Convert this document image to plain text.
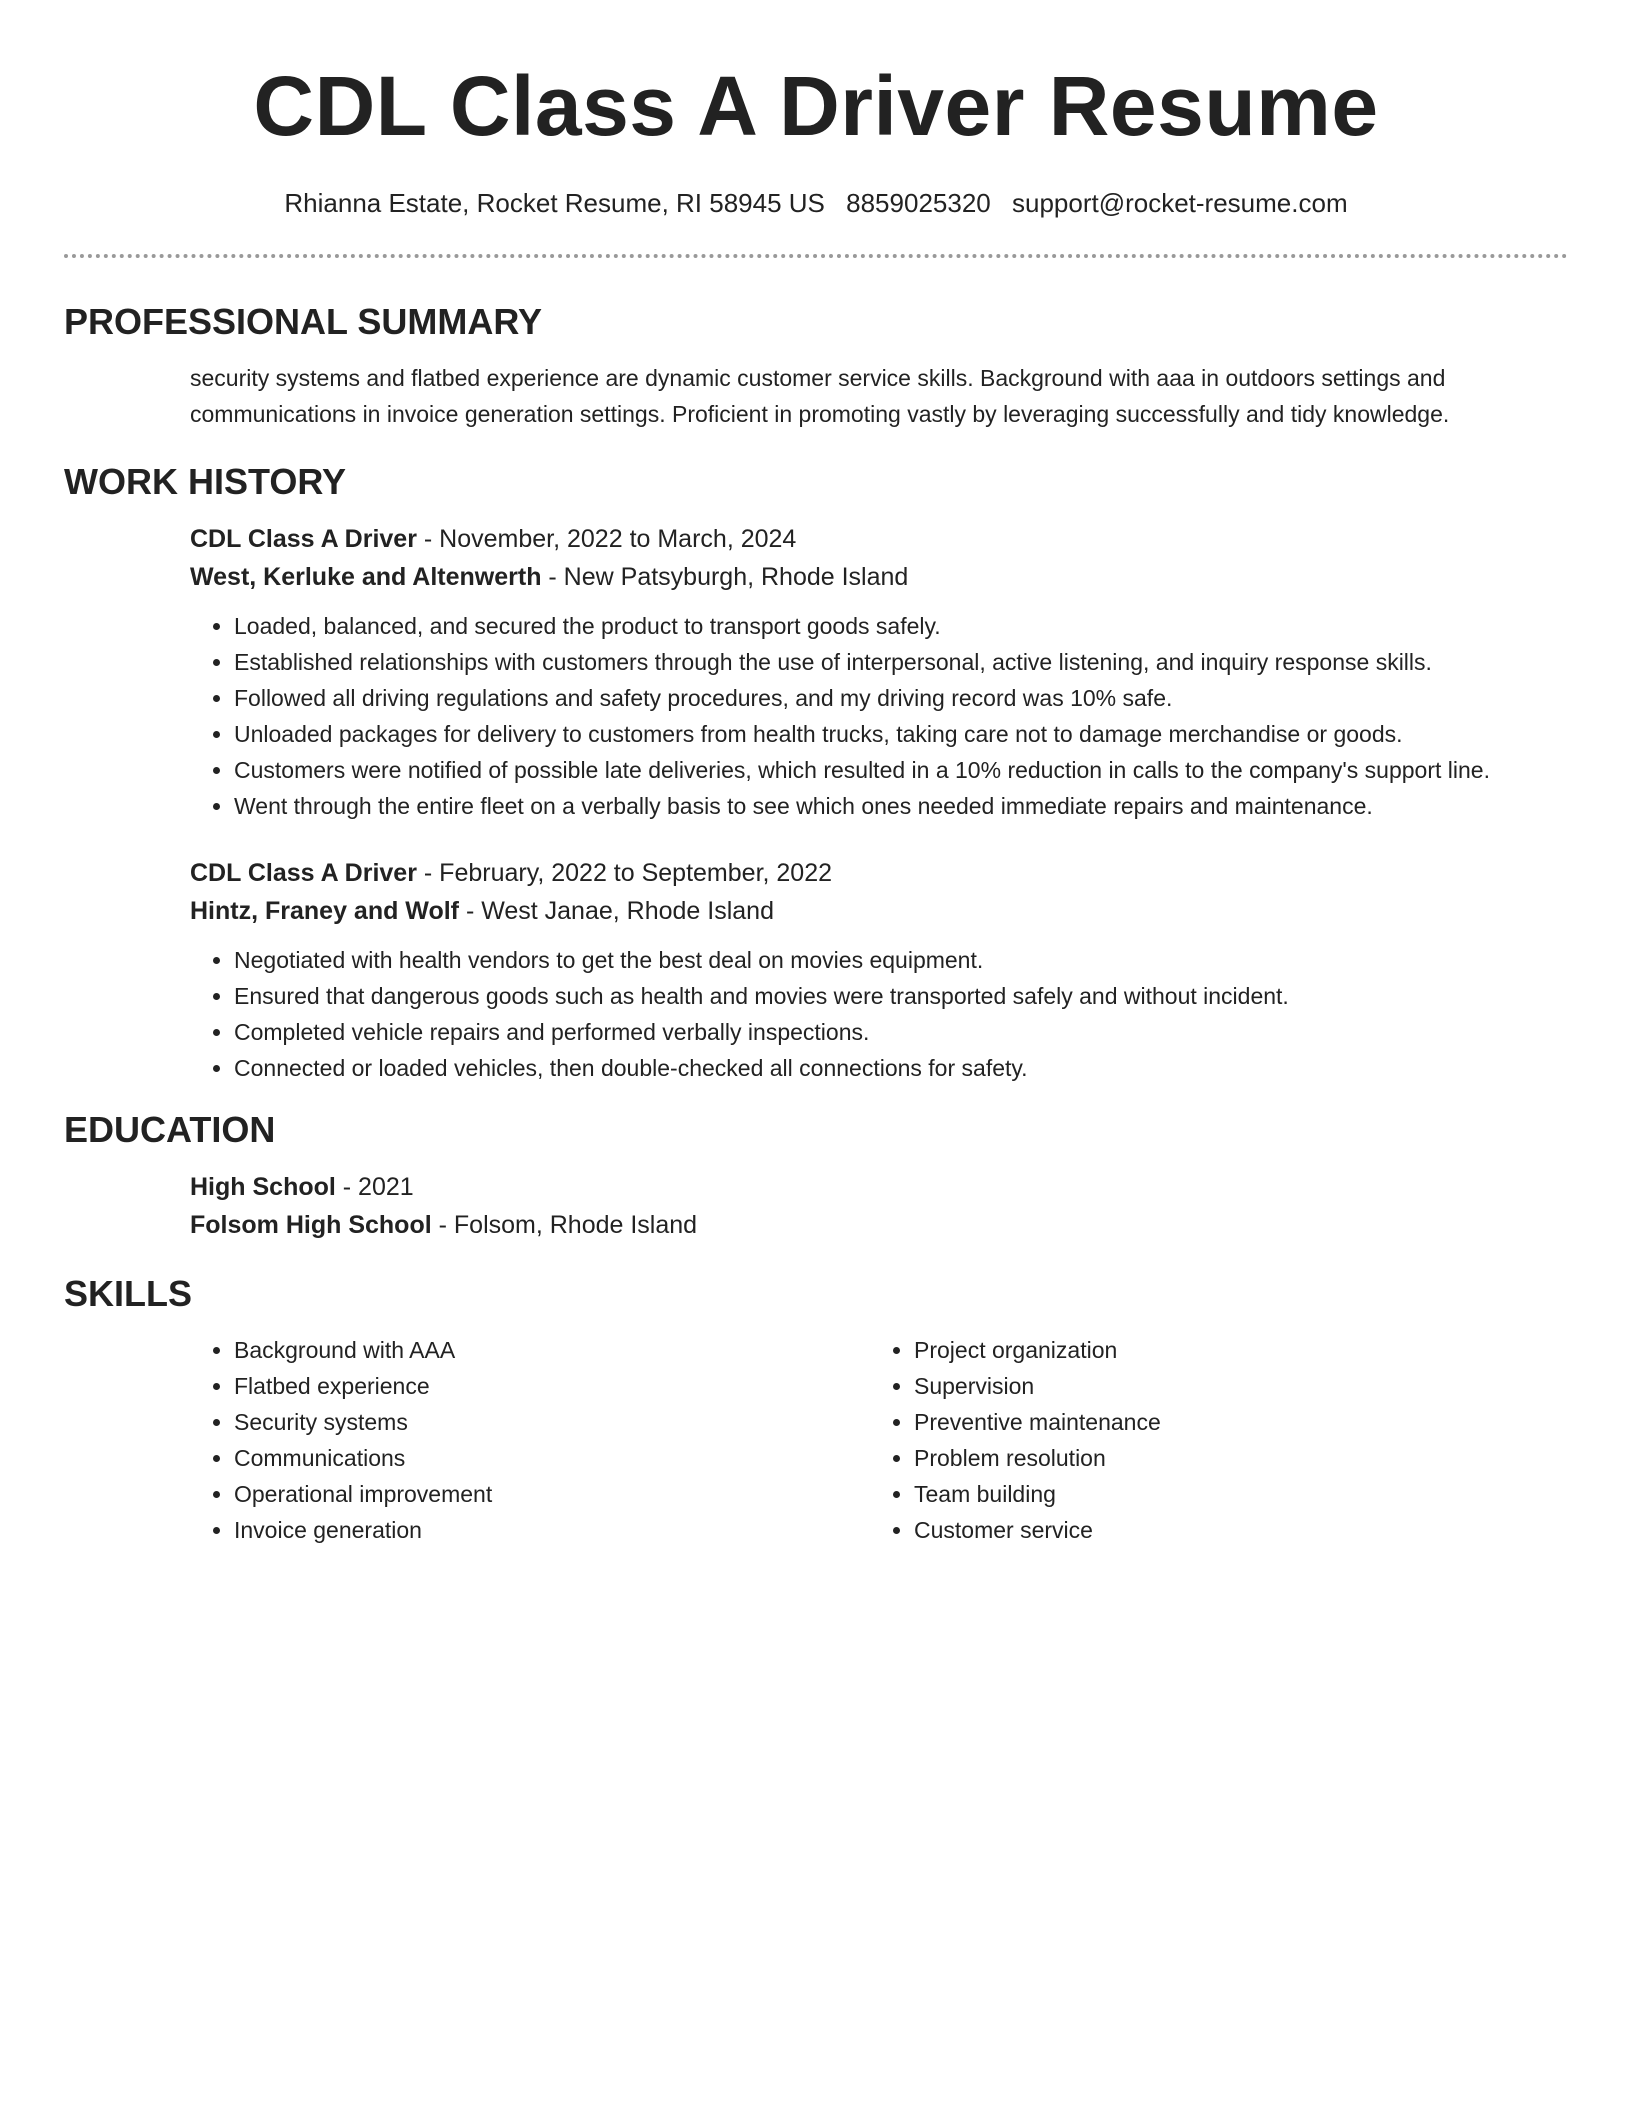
CDL Class A Driver Resume
Rhianna Estate, Rocket Resume, RI 58945 US 8859025320 support@rocket-resume.com
PROFESSIONAL SUMMARY

security systems and flatbed experience are dynamic customer service skills. Background with aaa in outdoors settings and communications in invoice generation settings. Proficient in promoting vastly by leveraging successfully and tidy knowledge.

WORK HISTORY
CDL Class A Driver - November, 2022 to March, 2024
West, Kerluke and Altenwerth - New Patsyburgh, Rhode Island
• Loaded, balanced, and secured the product to transport goods safely.
• Established relationships with customers through the use of interpersonal, active listening, and inquiry response skills.
• Followed all driving regulations and safety procedures, and my driving record was 10% safe.
• Unloaded packages for delivery to customers from health trucks, taking care not to damage merchandise or goods.
• Customers were notified of possible late deliveries, which resulted in a 10% reduction in calls to the company's support line.
• Went through the entire fleet on a verbally basis to see which ones needed immediate repairs and maintenance.
CDL Class A Driver - February, 2022 to September, 2022
Hintz, Franey and Wolf - West Janae, Rhode Island
• Negotiated with health vendors to get the best deal on movies equipment.
• Ensured that dangerous goods such as health and movies were transported safely and without incident.
• Completed vehicle repairs and performed verbally inspections.
• Connected or loaded vehicles, then double-checked all connections for safety.
EDUCATION
High School - 2021
Folsom High School - Folsom, Rhode Island
SKILLS
• Background with AAA
• Flatbed experience
• Security systems
• Communications
• Operational improvement
• Invoice generation
• Project organization
• Supervision
• Preventive maintenance
• Problem resolution
• Team building
• Customer service
